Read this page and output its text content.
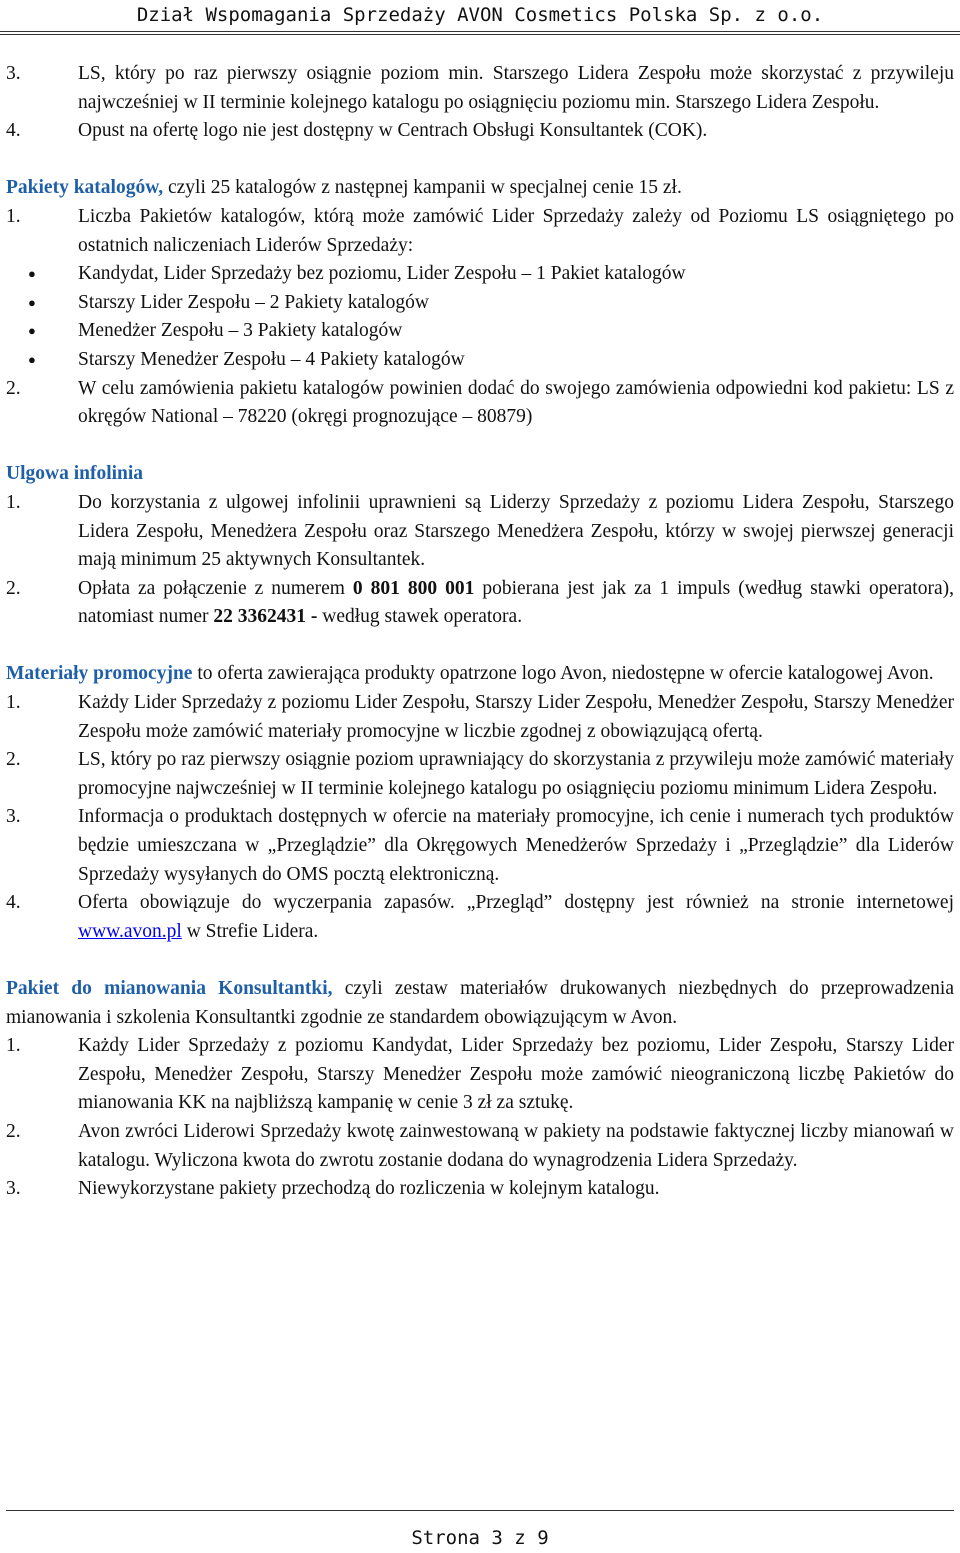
Dział Wspomagania Sprzedaży AVON Cosmetics Polska Sp. z o.o.
3.	LS, który po raz pierwszy osiągnie poziom min. Starszego Lidera Zespołu może skorzystać z przywileju najwcześniej w II terminie kolejnego katalogu po osiągnięciu poziomu min. Starszego Lidera Zespołu.
4.	Opust na ofertę logo nie jest dostępny w Centrach Obsługi Konsultantek (COK).

Pakiety katalogów, czyli 25 katalogów z następnej kampanii w specjalnej cenie 15 zł.

1.	Liczba Pakietów katalogów, którą może zamówić Lider Sprzedaży zależy od Poziomu LS osiągniętego po ostatnich naliczeniach Liderów Sprzedaży:
●	Kandydat, Lider Sprzedaży bez poziomu, Lider Zespołu – 1 Pakiet katalogów
●	Starszy Lider Zespołu – 2 Pakiety katalogów
●	Menedżer Zespołu – 3 Pakiety katalogów
●	Starszy Menedżer Zespołu – 4 Pakiety katalogów
2.	W celu zamówienia pakietu katalogów powinien dodać do swojego zamówienia odpowiedni kod pakietu: LS z okręgów National – 78220 (okręgi prognozujące – 80879)

Ulgowa infolinia

1.	Do korzystania z ulgowej infolinii uprawnieni są Liderzy Sprzedaży z poziomu Lidera Zespołu, Starszego Lidera Zespołu, Menedżera Zespołu oraz Starszego Menedżera Zespołu, którzy w swojej pierwszej generacji mają minimum 25 aktywnych Konsultantek.
2.	Opłata za połączenie z numerem 0 801 800 001 pobierana jest jak za 1 impuls (według stawki operatora), natomiast numer 22 3362431 - według stawek operatora.

Materiały promocyjne to oferta zawierająca produkty opatrzone logo Avon, niedostępne w ofercie katalogowej Avon.

1.	Każdy Lider Sprzedaży z poziomu Lider Zespołu, Starszy Lider Zespołu, Menedżer Zespołu, Starszy Menedżer Zespołu może zamówić materiały promocyjne w liczbie zgodnej z obowiązującą ofertą.
2.	LS, który po raz pierwszy osiągnie poziom uprawniający do skorzystania z przywileju może zamówić materiały promocyjne najwcześniej w II terminie kolejnego katalogu po osiągnięciu poziomu minimum Lidera Zespołu.
3.	Informacja o produktach dostępnych w ofercie na materiały promocyjne, ich cenie i numerach tych produktów będzie umieszczana w „Przeglądzie” dla Okręgowych Menedżerów Sprzedaży i „Przeglądzie” dla Liderów Sprzedaży wysyłanych do OMS pocztą elektroniczną.
4.	Oferta obowiązuje do wyczerpania zapasów. „Przegląd” dostępny jest również na stronie internetowej www.avon.pl w Strefie Lidera.

Pakiet do mianowania Konsultantki, czyli zestaw materiałów drukowanych niezbędnych do przeprowadzenia mianowania i szkolenia Konsultantki zgodnie ze standardem obowiązującym w Avon.

1.	Każdy Lider Sprzedaży z poziomu Kandydat, Lider Sprzedaży bez poziomu, Lider Zespołu, Starszy Lider Zespołu, Menedżer Zespołu, Starszy Menedżer Zespołu może zamówić nieograniczoną liczbę Pakietów do mianowania KK na najbliższą kampanię w cenie 3 zł za sztukę.
2.	Avon zwróci Liderowi Sprzedaży kwotę zainwestowaną w pakiety na podstawie faktycznej liczby mianowań w katalogu. Wyliczona kwota do zwrotu zostanie dodana do wynagrodzenia Lidera Sprzedaży.
3.	Niewykorzystane pakiety przechodzą do rozliczenia w kolejnym katalogu.
Strona 3 z 9
